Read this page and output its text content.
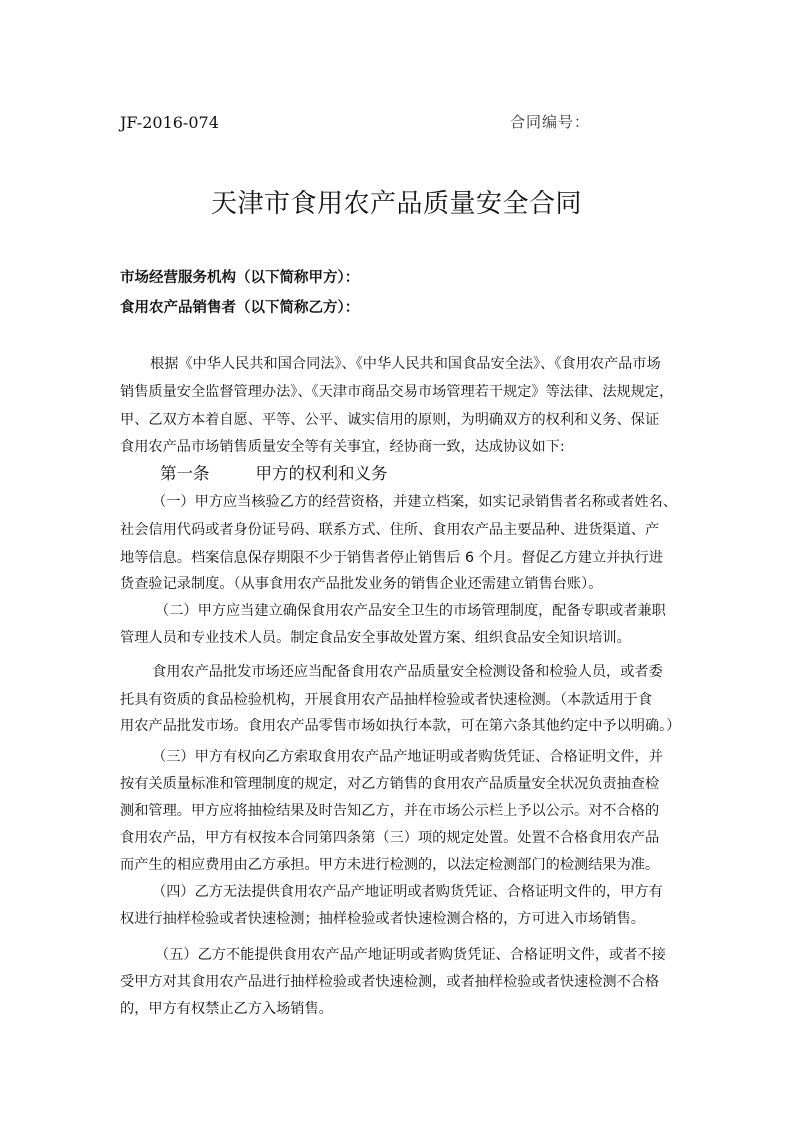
JF-2016-074	合同编号：
天津市食用农产品质量安全合同
市场经营服务机构（以下简称甲方）：
食用农产品销售者（以下简称乙方）：
根据《中华人民共和国合同法》、《中华人民共和国食品安全法》、《食用农产品市场
销售质量安全监督管理办法》、《天津市商品交易市场管理若干规定》等法律、法规规定，
甲、乙双方本着自愿、平等、公平、诚实信用的原则，为明确双方的权利和义务、保证
食用农产品市场销售质量安全等有关事宜，经协商一致，达成协议如下:
第一条	甲方的权利和义务
（一）甲方应当核验乙方的经营资格，并建立档案，如实记录销售者名称或者姓名、
社会信用代码或者身份证号码、联系方式、住所、食用农产品主要品种、进货渠道、产
地等信息。档案信息保存期限不少于销售者停止销售后 6 个月。督促乙方建立并执行进
货查验记录制度。（从事食用农产品批发业务的销售企业还需建立销售台账）。
（二）甲方应当建立确保食用农产品安全卫生的市场管理制度，配备专职或者兼职
管理人员和专业技术人员。制定食品安全事故处置方案、组织食品安全知识培训。
食用农产品批发市场还应当配备食用农产品质量安全检测设备和检验人员，或者委
托具有资质的食品检验机构，开展食用农产品抽样检验或者快速检测。（本款适用于食
用农产品批发市场。食用农产品零售市场如执行本款，可在第六条其他约定中予以明确。）
（三）甲方有权向乙方索取食用农产品产地证明或者购货凭证、合格证明文件，并
按有关质量标准和管理制度的规定，对乙方销售的食用农产品质量安全状况负责抽查检
测和管理。甲方应将抽检结果及时告知乙方，并在市场公示栏上予以公示。对不合格的
食用农产品，甲方有权按本合同第四条第（三）项的规定处置。处置不合格食用农产品
而产生的相应费用由乙方承担。甲方未进行检测的，以法定检测部门的检测结果为准。
（四）乙方无法提供食用农产品产地证明或者购货凭证、合格证明文件的，甲方有
权进行抽样检验或者快速检测；抽样检验或者快速检测合格的，方可进入市场销售。
（五）乙方不能提供食用农产品产地证明或者购货凭证、合格证明文件，或者不接
受甲方对其食用农产品进行抽样检验或者快速检测，或者抽样检验或者快速检测不合格
的，甲方有权禁止乙方入场销售。
